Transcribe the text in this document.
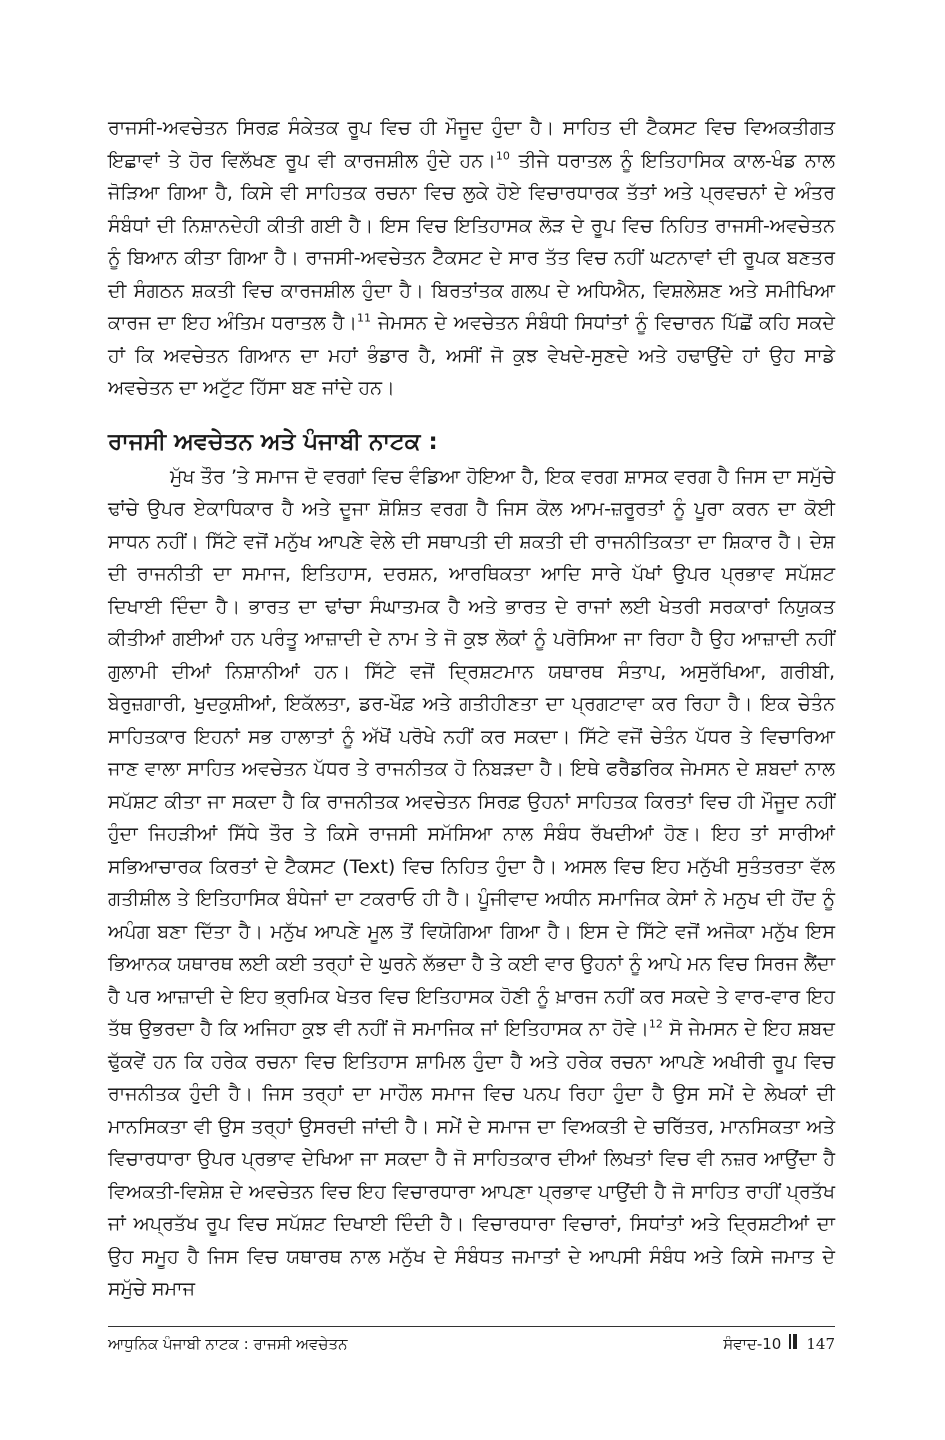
ਰਾਜਸੀ-ਅਵਚੇਤਨ ਸਿਰਫ਼ ਸੰਕੇਤਕ ਰੂਪ ਵਿਚ ਹੀ ਮੌਜੂਦ ਹੁੰਦਾ ਹੈ। ਸਾਹਿਤ ਦੀ ਟੈਕਸਟ ਵਿਚ ਵਿਅਕਤੀਗਤ ਇਛਾਵਾਂ ਤੇ ਹੋਰ ਵਿਲੱਖਣ ਰੂਪ ਵੀ ਕਾਰਜਸ਼ੀਲ ਹੁੰਦੇ ਹਨ।$^{10}$ ਤੀਜੇ ਧਰਾਤਲ ਨੂੰ ਇਤਿਹਾਸਿਕ ਕਾਲ-ਖੰਡ ਨਾਲ ਜੋੜਿਆ ਗਿਆ ਹੈ, ਕਿਸੇ ਵੀ ਸਾਹਿਤਕ ਰਚਨਾ ਵਿਚ ਲੁਕੇ ਹੋਏ ਵਿਚਾਰਧਾਰਕ ਤੱਤਾਂ ਅਤੇ ਪ੍ਰਵਚਨਾਂ ਦੇ ਅੰਤਰ ਸੰਬੰਧਾਂ ਦੀ ਨਿਸ਼ਾਨਦੇਹੀ ਕੀਤੀ ਗਈ ਹੈ। ਇਸ ਵਿਚ ਇਤਿਹਾਸਕ ਲੋੜ ਦੇ ਰੂਪ ਵਿਚ ਨਿਹਿਤ ਰਾਜਸੀ-ਅਵਚੇਤਨ ਨੂੰ ਬਿਆਨ ਕੀਤਾ ਗਿਆ ਹੈ। ਰਾਜਸੀ-ਅਵਚੇਤਨ ਟੈਕਸਟ ਦੇ ਸਾਰ ਤੱਤ ਵਿਚ ਨਹੀਂ ਘਟਨਾਵਾਂ ਦੀ ਰੂਪਕ ਬਣਤਰ ਦੀ ਸੰਗਠਨ ਸ਼ਕਤੀ ਵਿਚ ਕਾਰਜਸ਼ੀਲ ਹੁੰਦਾ ਹੈ। ਬਿਰਤਾਂਤਕ ਗਲਪ ਦੇ ਅਧਿਐਨ, ਵਿਸ਼ਲੇਸ਼ਣ ਅਤੇ ਸਮੀਖਿਆ ਕਾਰਜ ਦਾ ਇਹ ਅੰਤਿਮ ਧਰਾਤਲ ਹੈ।$^{11}$ ਜੇਮਸਨ ਦੇ ਅਵਚੇਤਨ ਸੰਬੰਧੀ ਸਿਧਾਂਤਾਂ ਨੂੰ ਵਿਚਾਰਨ ਪਿੱਛੋਂ ਕਹਿ ਸਕਦੇ ਹਾਂ ਕਿ ਅਵਚੇਤਨ ਗਿਆਨ ਦਾ ਮਹਾਂ ਭੰਡਾਰ ਹੈ, ਅਸੀਂ ਜੋ ਕੁਝ ਵੇਖਦੇ-ਸੁਣਦੇ ਅਤੇ ਹਢਾਉਂਦੇ ਹਾਂ ਉਹ ਸਾਡੇ ਅਵਚੇਤਨ ਦਾ ਅਟੁੱਟ ਹਿੱਸਾ ਬਣ ਜਾਂਦੇ ਹਨ।

ਰਾਜਸੀ ਅਵਚੇਤਨ ਅਤੇ ਪੰਜਾਬੀ ਨਾਟਕ :

ਮੁੱਖ ਤੌਰ ’ਤੇ ਸਮਾਜ ਦੋ ਵਰਗਾਂ ਵਿਚ ਵੰਡਿਆ ਹੋਇਆ ਹੈ, ਇਕ ਵਰਗ ਸ਼ਾਸਕ ਵਰਗ ਹੈ ਜਿਸ ਦਾ ਸਮੁੱਚੇ ਢਾਂਚੇ ਉਪਰ ਏਕਾਧਿਕਾਰ ਹੈ ਅਤੇ ਦੂਜਾ ਸ਼ੋਸ਼ਿਤ ਵਰਗ ਹੈ ਜਿਸ ਕੋਲ ਆਮ-ਜ਼ਰੂਰਤਾਂ ਨੂੰ ਪੂਰਾ ਕਰਨ ਦਾ ਕੋਈ ਸਾਧਨ ਨਹੀਂ। ਸਿੱਟੇ ਵਜੋਂ ਮਨੁੱਖ ਆਪਣੇ ਵੇਲੇ ਦੀ ਸਥਾਪਤੀ ਦੀ ਸ਼ਕਤੀ ਦੀ ਰਾਜਨੀਤਿਕਤਾ ਦਾ ਸ਼ਿਕਾਰ ਹੈ। ਦੇਸ਼ ਦੀ ਰਾਜਨੀਤੀ ਦਾ ਸਮਾਜ, ਇਤਿਹਾਸ, ਦਰਸ਼ਨ, ਆਰਥਿਕਤਾ ਆਦਿ ਸਾਰੇ ਪੱਖਾਂ ਉਪਰ ਪ੍ਰਭਾਵ ਸਪੱਸ਼ਟ ਦਿਖਾਈ ਦਿੰਦਾ ਹੈ। ਭਾਰਤ ਦਾ ਢਾਂਚਾ ਸੰਘਾਤਮਕ ਹੈ ਅਤੇ ਭਾਰਤ ਦੇ ਰਾਜਾਂ ਲਈ ਖੇਤਰੀ ਸਰਕਾਰਾਂ ਨਿਯੁਕਤ ਕੀਤੀਆਂ ਗਈਆਂ ਹਨ ਪਰੰਤੂ ਆਜ਼ਾਦੀ ਦੇ ਨਾਮ ਤੇ ਜੋ ਕੁਝ ਲੋਕਾਂ ਨੂੰ ਪਰੋਸਿਆ ਜਾ ਰਿਹਾ ਹੈ ਉਹ ਆਜ਼ਾਦੀ ਨਹੀਂ ਗੁਲਾਮੀ ਦੀਆਂ ਨਿਸ਼ਾਨੀਆਂ ਹਨ। ਸਿੱਟੇ ਵਜੋਂ ਦ੍ਰਿਸ਼ਟਮਾਨ ਯਥਾਰਥ ਸੰਤਾਪ, ਅਸੁਰੱਖਿਆ, ਗਰੀਬੀ, ਬੇਰੁਜ਼ਗਾਰੀ, ਖੁਦਕੁਸ਼ੀਆਂ, ਇਕੱਲਤਾ, ਡਰ-ਖੌਫ਼ ਅਤੇ ਗਤੀਹੀਣਤਾ ਦਾ ਪ੍ਰਗਟਾਵਾ ਕਰ ਰਿਹਾ ਹੈ। ਇਕ ਚੇਤੰਨ ਸਾਹਿਤਕਾਰ ਇਹਨਾਂ ਸਭ ਹਾਲਾਤਾਂ ਨੂੰ ਅੱਖੋਂ ਪਰੋਖੇ ਨਹੀਂ ਕਰ ਸਕਦਾ। ਸਿੱਟੇ ਵਜੋਂ ਚੇਤੰਨ ਪੱਧਰ ਤੇ ਵਿਚਾਰਿਆ ਜਾਣ ਵਾਲਾ ਸਾਹਿਤ ਅਵਚੇਤਨ ਪੱਧਰ ਤੇ ਰਾਜਨੀਤਕ ਹੋ ਨਿਬੜਦਾ ਹੈ। ਇਥੇ ਫਰੈਡਰਿਕ ਜੇਮਸਨ ਦੇ ਸ਼ਬਦਾਂ ਨਾਲ ਸਪੱਸ਼ਟ ਕੀਤਾ ਜਾ ਸਕਦਾ ਹੈ ਕਿ ਰਾਜਨੀਤਕ ਅਵਚੇਤਨ ਸਿਰਫ਼ ਉਹਨਾਂ ਸਾਹਿਤਕ ਕਿਰਤਾਂ ਵਿਚ ਹੀ ਮੌਜੂਦ ਨਹੀਂ ਹੁੰਦਾ ਜਿਹੜੀਆਂ ਸਿੱਧੇ ਤੌਰ ਤੇ ਕਿਸੇ ਰਾਜਸੀ ਸਮੱਸਿਆ ਨਾਲ ਸੰਬੰਧ ਰੱਖਦੀਆਂ ਹੋਣ। ਇਹ ਤਾਂ ਸਾਰੀਆਂ ਸਭਿਆਚਾਰਕ ਕਿਰਤਾਂ ਦੇ ਟੈਕਸਟ (Text) ਵਿਚ ਨਿਹਿਤ ਹੁੰਦਾ ਹੈ। ਅਸਲ ਵਿਚ ਇਹ ਮਨੁੱਖੀ ਸੁਤੰਤਰਤਾ ਵੱਲ ਗਤੀਸ਼ੀਲ ਤੇ ਇਤਿਹਾਸਿਕ ਬੰਧੇਜਾਂ ਦਾ ਟਕਰਾਓ ਹੀ ਹੈ। ਪੂੰਜੀਵਾਦ ਅਧੀਨ ਸਮਾਜਿਕ ਕੇਸਾਂ ਨੇ ਮਨੁਖ ਦੀ ਹੋਂਦ ਨੂੰ ਅਪੰਗ ਬਣਾ ਦਿੱਤਾ ਹੈ। ਮਨੁੱਖ ਆਪਣੇ ਮੂਲ ਤੋਂ ਵਿਯੋਗਿਆ ਗਿਆ ਹੈ। ਇਸ ਦੇ ਸਿੱਟੇ ਵਜੋਂ ਅਜੋਕਾ ਮਨੁੱਖ ਇਸ ਭਿਆਨਕ ਯਥਾਰਥ ਲਈ ਕਈ ਤਰ੍ਹਾਂ ਦੇ ਘੁਰਨੇ ਲੱਭਦਾ ਹੈ ਤੇ ਕਈ ਵਾਰ ਉਹਨਾਂ ਨੂੰ ਆਪੇ ਮਨ ਵਿਚ ਸਿਰਜ ਲੈਂਦਾ ਹੈ ਪਰ ਆਜ਼ਾਦੀ ਦੇ ਇਹ ਭ੍ਰਮਿਕ ਖੇਤਰ ਵਿਚ ਇਤਿਹਾਸਕ ਹੋਣੀ ਨੂੰ ਖ਼ਾਰਜ ਨਹੀਂ ਕਰ ਸਕਦੇ ਤੇ ਵਾਰ-ਵਾਰ ਇਹ ਤੱਥ ਉਭਰਦਾ ਹੈ ਕਿ ਅਜਿਹਾ ਕੁਝ ਵੀ ਨਹੀਂ ਜੋ ਸਮਾਜਿਕ ਜਾਂ ਇਤਿਹਾਸਕ ਨਾ ਹੋਵੇ।$^{12}$ ਸੋ ਜੇਮਸਨ ਦੇ ਇਹ ਸ਼ਬਦ ਢੁੱਕਵੇਂ ਹਨ ਕਿ ਹਰੇਕ ਰਚਨਾ ਵਿਚ ਇਤਿਹਾਸ ਸ਼ਾਮਿਲ ਹੁੰਦਾ ਹੈ ਅਤੇ ਹਰੇਕ ਰਚਨਾ ਆਪਣੇ ਅਖੀਰੀ ਰੂਪ ਵਿਚ ਰਾਜਨੀਤਕ ਹੁੰਦੀ ਹੈ। ਜਿਸ ਤਰ੍ਹਾਂ ਦਾ ਮਾਹੌਲ ਸਮਾਜ ਵਿਚ ਪਨਪ ਰਿਹਾ ਹੁੰਦਾ ਹੈ ਉਸ ਸਮੇਂ ਦੇ ਲੇਖਕਾਂ ਦੀ ਮਾਨਸਿਕਤਾ ਵੀ ਉਸ ਤਰ੍ਹਾਂ ਉਸਰਦੀ ਜਾਂਦੀ ਹੈ। ਸਮੇਂ ਦੇ ਸਮਾਜ ਦਾ ਵਿਅਕਤੀ ਦੇ ਚਰਿੱਤਰ, ਮਾਨਸਿਕਤਾ ਅਤੇ ਵਿਚਾਰਧਾਰਾ ਉਪਰ ਪ੍ਰਭਾਵ ਦੇਖਿਆ ਜਾ ਸਕਦਾ ਹੈ ਜੋ ਸਾਹਿਤਕਾਰ ਦੀਆਂ ਲਿਖਤਾਂ ਵਿਚ ਵੀ ਨਜ਼ਰ ਆਉਂਦਾ ਹੈ ਵਿਅਕਤੀ-ਵਿਸ਼ੇਸ਼ ਦੇ ਅਵਚੇਤਨ ਵਿਚ ਇਹ ਵਿਚਾਰਧਾਰਾ ਆਪਣਾ ਪ੍ਰਭਾਵ ਪਾਉਂਦੀ ਹੈ ਜੋ ਸਾਹਿਤ ਰਾਹੀਂ ਪ੍ਰਤੱਖ ਜਾਂ ਅਪ੍ਰਤੱਖ ਰੂਪ ਵਿਚ ਸਪੱਸ਼ਟ ਦਿਖਾਈ ਦਿੰਦੀ ਹੈ। ਵਿਚਾਰਧਾਰਾ ਵਿਚਾਰਾਂ, ਸਿਧਾਂਤਾਂ ਅਤੇ ਦ੍ਰਿਸ਼ਟੀਆਂ ਦਾ ਉਹ ਸਮੂਹ ਹੈ ਜਿਸ ਵਿਚ ਯਥਾਰਥ ਨਾਲ ਮਨੁੱਖ ਦੇ ਸੰਬੰਧਤ ਜਮਾਤਾਂ ਦੇ ਆਪਸੀ ਸੰਬੰਧ ਅਤੇ ਕਿਸੇ ਜਮਾਤ ਦੇ ਸਮੁੱਚੇ ਸਮਾਜ

ਆਧੁਨਿਕ ਪੰਜਾਬੀ ਨਾਟਕ : ਰਾਜਸੀ ਅਵਚੇਤਨ	ਸੰਵਾਦ-10 147
